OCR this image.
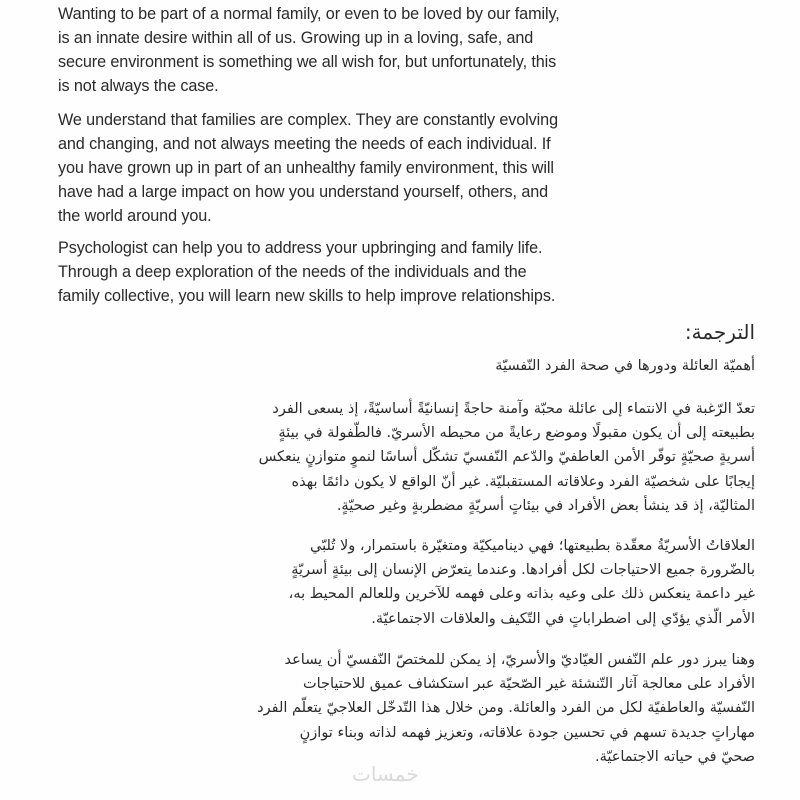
Wanting to be part of a normal family, or even to be loved by our family,
is an innate desire within all of us. Growing up in a loving, safe, and
secure environment is something we all wish for, but unfortunately, this
is not always the case.
We understand that families are complex. They are constantly evolving
and changing, and not always meeting the needs of each individual. If
you have grown up in part of an unhealthy family environment, this will
have had a large impact on how you understand yourself, others, and
the world around you.
Psychologist can help you to address your upbringing and family life.
Through a deep exploration of the needs of the individuals and the
family collective, you will learn new skills to help improve relationships.
الترجمة:
أهميّة العائلة ودورها في صحة الفرد النّفسيّة
تعدّ الرّغبة في الانتماء إلى عائلة محبّة وآمنة حاجةً إنسانيّةً أساسيّةً، إذ يسعى الفرد
بطبيعته إلى أن يكون مقبولًا وموضع رعايةً من محيطه الأسريّ. فالطّفولة في بيئةٍ
أسريةٍ صحيّةٍ توفّر الأمن العاطفيّ والدّعم النّفسيّ تشكّل أساسًا لنموٍ متوازنٍ ينعكس
إيجابًا على شخصيّة الفرد وعلاقاته المستقبليّة. غير أنّ الواقع لا يكون دائمًا بهذه
المثاليّة، إذ قد ينشأ بعض الأفراد في بيئاتٍ أسريّةٍ مضطربةٍ وغير صحيّةٍ.
العلاقاتُ الأسريّةُ معقّدة بطبيعتها؛ فهي ديناميكيّة ومتغيّرة باستمرار، ولا تُلبّي
بالضّرورة جميع الاحتياجات لكل أفرادها. وعندما يتعرّض الإنسان إلى بيئةٍ أسريّةٍ
غير داعمة ينعكس ذلك على وعيه بذاته وعلى فهمه للآخرين وللعالم المحيط به،
الأمر الّذي يؤدّي إلى اضطراباتٍ في التّكيف والعلاقات الاجتماعيّة.
وهنا يبرز دور علم النّفس العيّاديّ والأسريّ، إذ يمكن للمختصّ النّفسيّ أن يساعد
الأفراد على معالجة آثار التّنشئة غير الصّحيّة عبر استكشاف عميق للاحتياجات
النّفسيّة والعاطفيّة لكل من الفرد والعائلة. ومن خلال هذا التّدخّل العلاجيّ يتعلّم الفرد
مهاراتٍ جديدة تسهم في تحسين جودة علاقاته، وتعزيز فهمه لذاته وبناء توازنٍ
صحيّ في حياته الاجتماعيّة.
خمسات
